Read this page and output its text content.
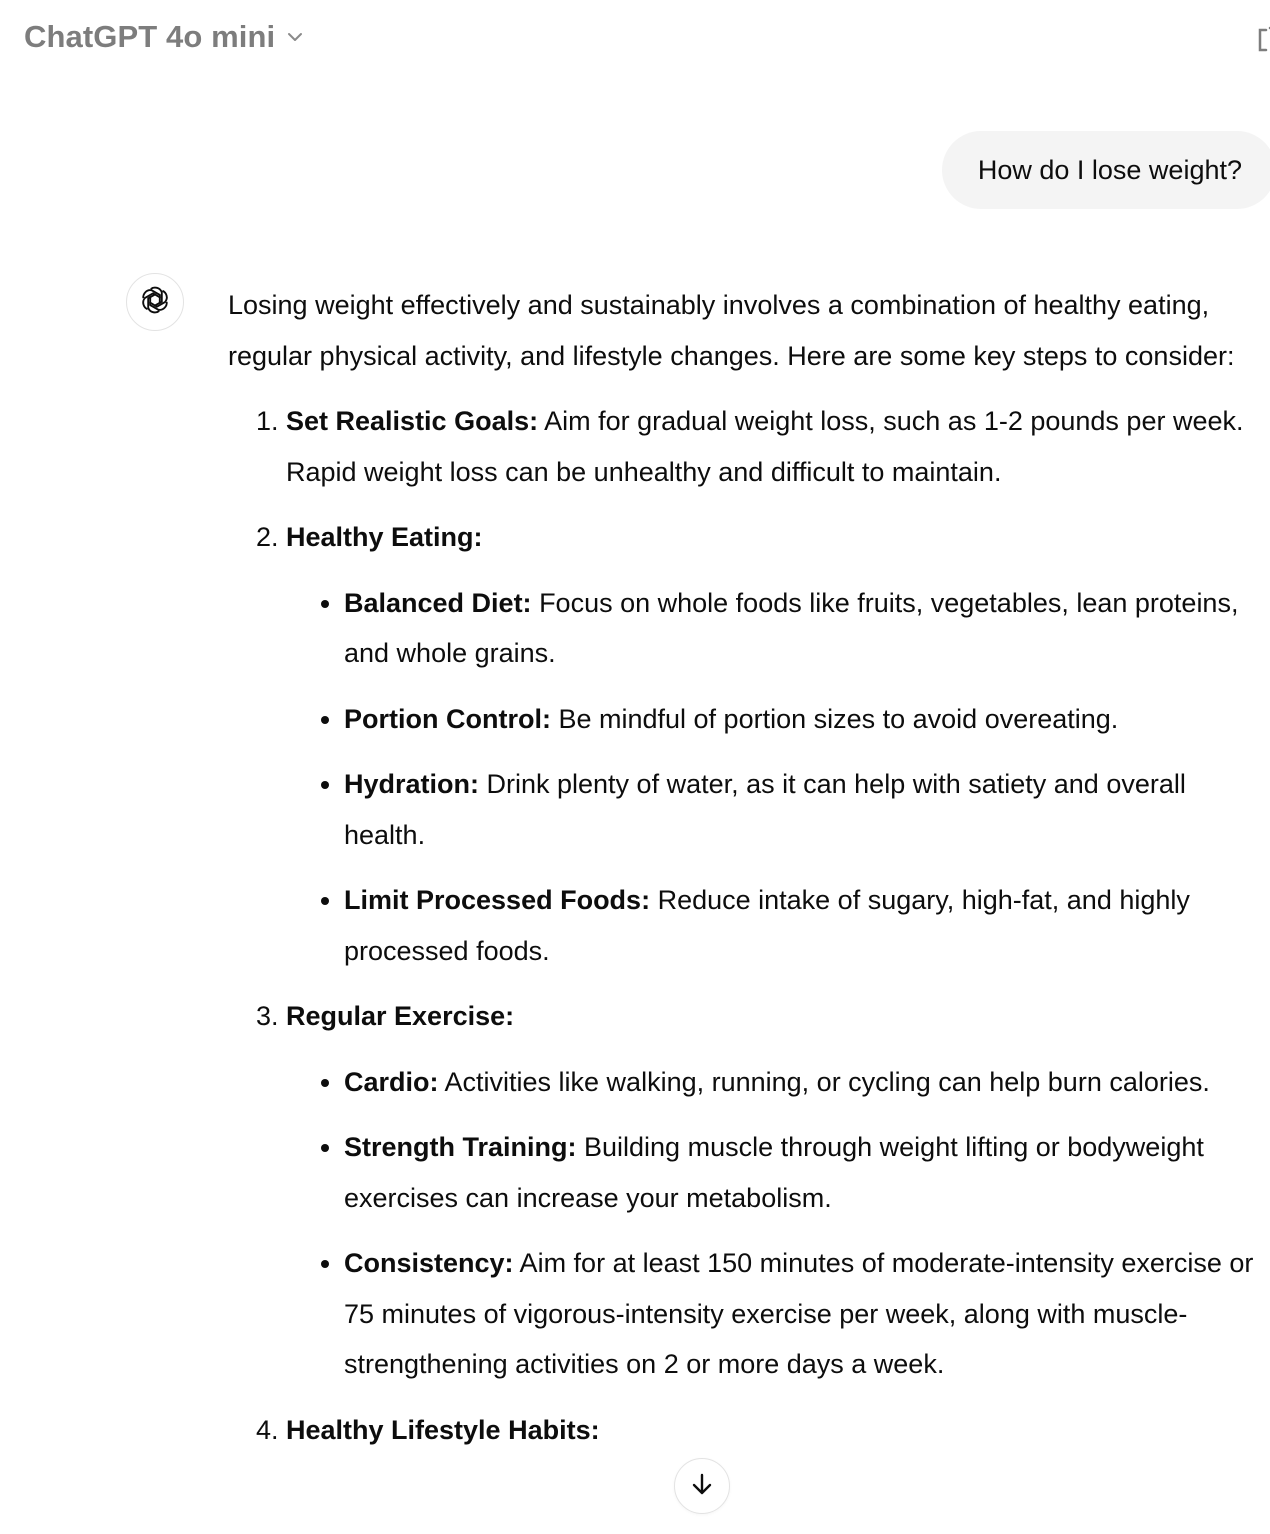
ChatGPT 4o mini
How do I lose weight?

Losing weight effectively and sustainably involves a combination of healthy eating, regular physical activity, and lifestyle changes. Here are some key steps to consider:

1. Set Realistic Goals: Aim for gradual weight loss, such as 1-2 pounds per week. Rapid weight loss can be unhealthy and difficult to maintain.
2. Healthy Eating:
• Balanced Diet: Focus on whole foods like fruits, vegetables, lean proteins, and whole grains.
• Portion Control: Be mindful of portion sizes to avoid overeating.
• Hydration: Drink plenty of water, as it can help with satiety and overall health.
• Limit Processed Foods: Reduce intake of sugary, high-fat, and highly processed foods.
3. Regular Exercise:
• Cardio: Activities like walking, running, or cycling can help burn calories.
• Strength Training: Building muscle through weight lifting or bodyweight exercises can increase your metabolism.
• Consistency: Aim for at least 150 minutes of moderate-intensity exercise or 75 minutes of vigorous-intensity exercise per week, along with muscle-strengthening activities on 2 or more days a week.
4. Healthy Lifestyle Habits:
